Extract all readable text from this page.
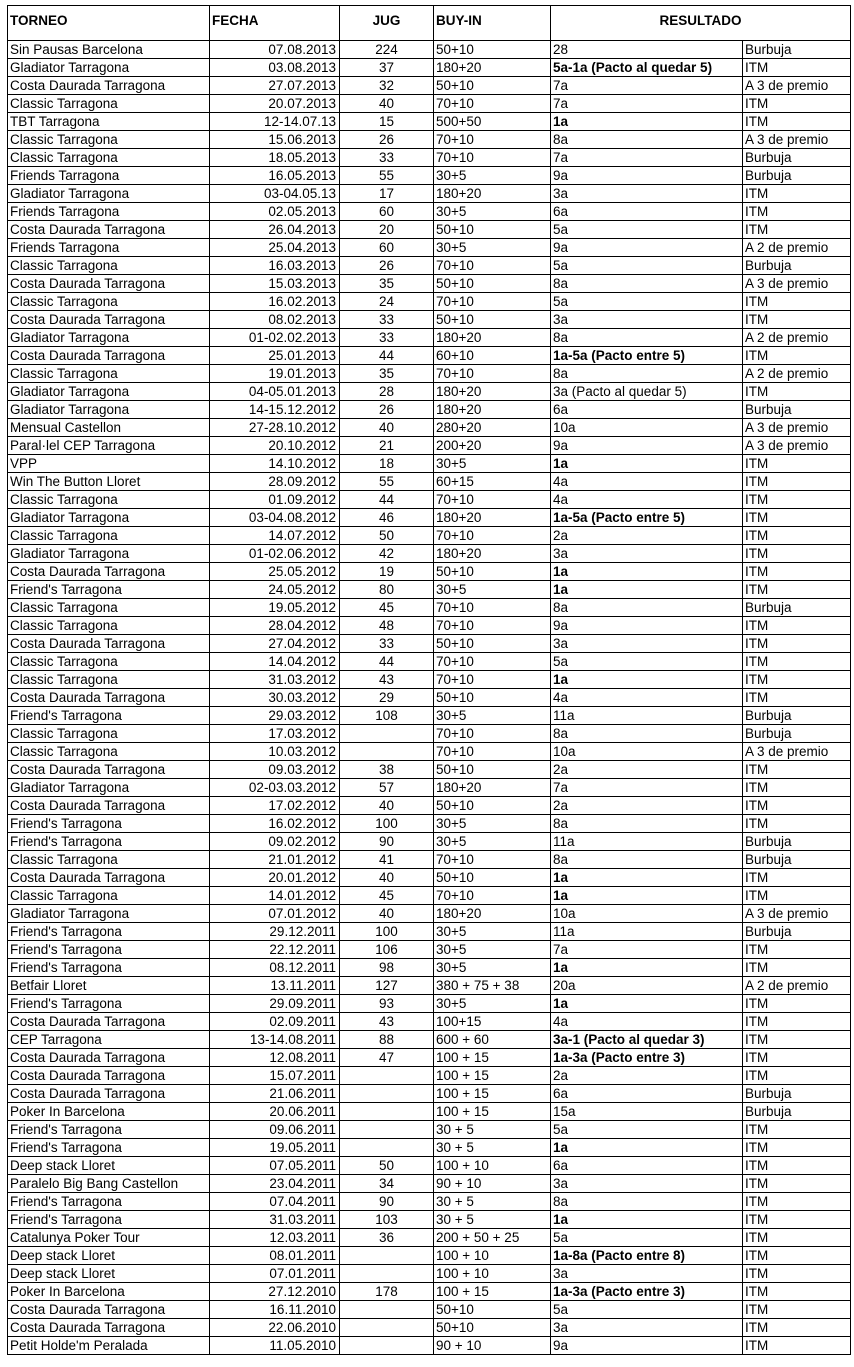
TORNEO	FECHA	JUG	BUY-IN	RESULTADO	
Sin Pausas Barcelona	07.08.2013	224	50+10	28	Burbuja
Gladiator Tarragona	03.08.2013	37	180+20	5a-1a (Pacto al quedar 5)	ITM
Costa Daurada Tarragona	27.07.2013	32	50+10	7a	A 3 de premio
Classic Tarragona	20.07.2013	40	70+10	7a	ITM
TBT Tarragona	12-14.07.13	15	500+50	1a	ITM
Classic Tarragona	15.06.2013	26	70+10	8a	A 3 de premio
Classic Tarragona	18.05.2013	33	70+10	7a	Burbuja
Friends Tarragona	16.05.2013	55	30+5	9a	Burbuja
Gladiator Tarragona	03-04.05.13	17	180+20	3a	ITM
Friends Tarragona	02.05.2013	60	30+5	6a	ITM
Costa Daurada Tarragona	26.04.2013	20	50+10	5a	ITM
Friends Tarragona	25.04.2013	60	30+5	9a	A 2 de premio
Classic Tarragona	16.03.2013	26	70+10	5a	Burbuja
Costa Daurada Tarragona	15.03.2013	35	50+10	8a	A 3 de premio
Classic Tarragona	16.02.2013	24	70+10	5a	ITM
Costa Daurada Tarragona	08.02.2013	33	50+10	3a	ITM
Gladiator Tarragona	01-02.02.2013	33	180+20	8a	A 2 de premio
Costa Daurada Tarragona	25.01.2013	44	60+10	1a-5a (Pacto entre 5)	ITM
Classic Tarragona	19.01.2013	35	70+10	8a	A 2 de premio
Gladiator Tarragona	04-05.01.2013	28	180+20	3a (Pacto al quedar 5)	ITM
Gladiator Tarragona	14-15.12.2012	26	180+20	6a	Burbuja
Mensual Castellon	27-28.10.2012	40	280+20	10a	A 3 de premio
Paral·lel CEP Tarragona	20.10.2012	21	200+20	9a	A 3 de premio
VPP	14.10.2012	18	30+5	1a	ITM
Win The Button Lloret	28.09.2012	55	60+15	4a	ITM
Classic Tarragona	01.09.2012	44	70+10	4a	ITM
Gladiator Tarragona	03-04.08.2012	46	180+20	1a-5a (Pacto entre 5)	ITM
Classic Tarragona	14.07.2012	50	70+10	2a	ITM
Gladiator Tarragona	01-02.06.2012	42	180+20	3a	ITM
Costa Daurada Tarragona	25.05.2012	19	50+10	1a	ITM
Friend's Tarragona	24.05.2012	80	30+5	1a	ITM
Classic Tarragona	19.05.2012	45	70+10	8a	Burbuja
Classic Tarragona	28.04.2012	48	70+10	9a	ITM
Costa Daurada Tarragona	27.04.2012	33	50+10	3a	ITM
Classic Tarragona	14.04.2012	44	70+10	5a	ITM
Classic Tarragona	31.03.2012	43	70+10	1a	ITM
Costa Daurada Tarragona	30.03.2012	29	50+10	4a	ITM
Friend's Tarragona	29.03.2012	108	30+5	11a	Burbuja
Classic Tarragona	17.03.2012		70+10	8a	Burbuja
Classic Tarragona	10.03.2012		70+10	10a	A 3 de premio
Costa Daurada Tarragona	09.03.2012	38	50+10	2a	ITM
Gladiator Tarragona	02-03.03.2012	57	180+20	7a	ITM
Costa Daurada Tarragona	17.02.2012	40	50+10	2a	ITM
Friend's Tarragona	16.02.2012	100	30+5	8a	ITM
Friend's Tarragona	09.02.2012	90	30+5	11a	Burbuja
Classic Tarragona	21.01.2012	41	70+10	8a	Burbuja
Costa Daurada Tarragona	20.01.2012	40	50+10	1a	ITM
Classic Tarragona	14.01.2012	45	70+10	1a	ITM
Gladiator Tarragona	07.01.2012	40	180+20	10a	A 3 de premio
Friend's Tarragona	29.12.2011	100	30+5	11a	Burbuja
Friend's Tarragona	22.12.2011	106	30+5	7a	ITM
Friend's Tarragona	08.12.2011	98	30+5	1a	ITM
Betfair Lloret	13.11.2011	127	380 + 75 + 38	20a	A 2 de premio
Friend's Tarragona	29.09.2011	93	30+5	1a	ITM
Costa Daurada Tarragona	02.09.2011	43	100+15	4a	ITM
CEP Tarragona	13-14.08.2011	88	600 + 60	3a-1 (Pacto al quedar 3)	ITM
Costa Daurada Tarragona	12.08.2011	47	100 + 15	1a-3a (Pacto entre 3)	ITM
Costa Daurada Tarragona	15.07.2011		100 + 15	2a	ITM
Costa Daurada Tarragona	21.06.2011		100 + 15	6a	Burbuja
Poker In Barcelona	20.06.2011		100 + 15	15a	Burbuja
Friend's Tarragona	09.06.2011		30 + 5	5a	ITM
Friend's Tarragona	19.05.2011		30 + 5	1a	ITM
Deep stack Lloret	07.05.2011	50	100 + 10	6a	ITM
Paralelo Big Bang Castellon	23.04.2011	34	90 + 10	3a	ITM
Friend's Tarragona	07.04.2011	90	30 + 5	8a	ITM
Friend's Tarragona	31.03.2011	103	30 + 5	1a	ITM
Catalunya Poker Tour	12.03.2011	36	200 + 50 + 25	5a	ITM
Deep stack Lloret	08.01.2011		100 + 10	1a-8a (Pacto entre 8)	ITM
Deep stack Lloret	07.01.2011		100 + 10	3a	ITM
Poker In Barcelona	27.12.2010	178	100 + 15	1a-3a (Pacto entre 3)	ITM
Costa Daurada Tarragona	16.11.2010		50+10	5a	ITM
Costa Daurada Tarragona	22.06.2010		50+10	3a	ITM
Petit Holde'm Peralada	11.05.2010		90 + 10	9a	ITM
